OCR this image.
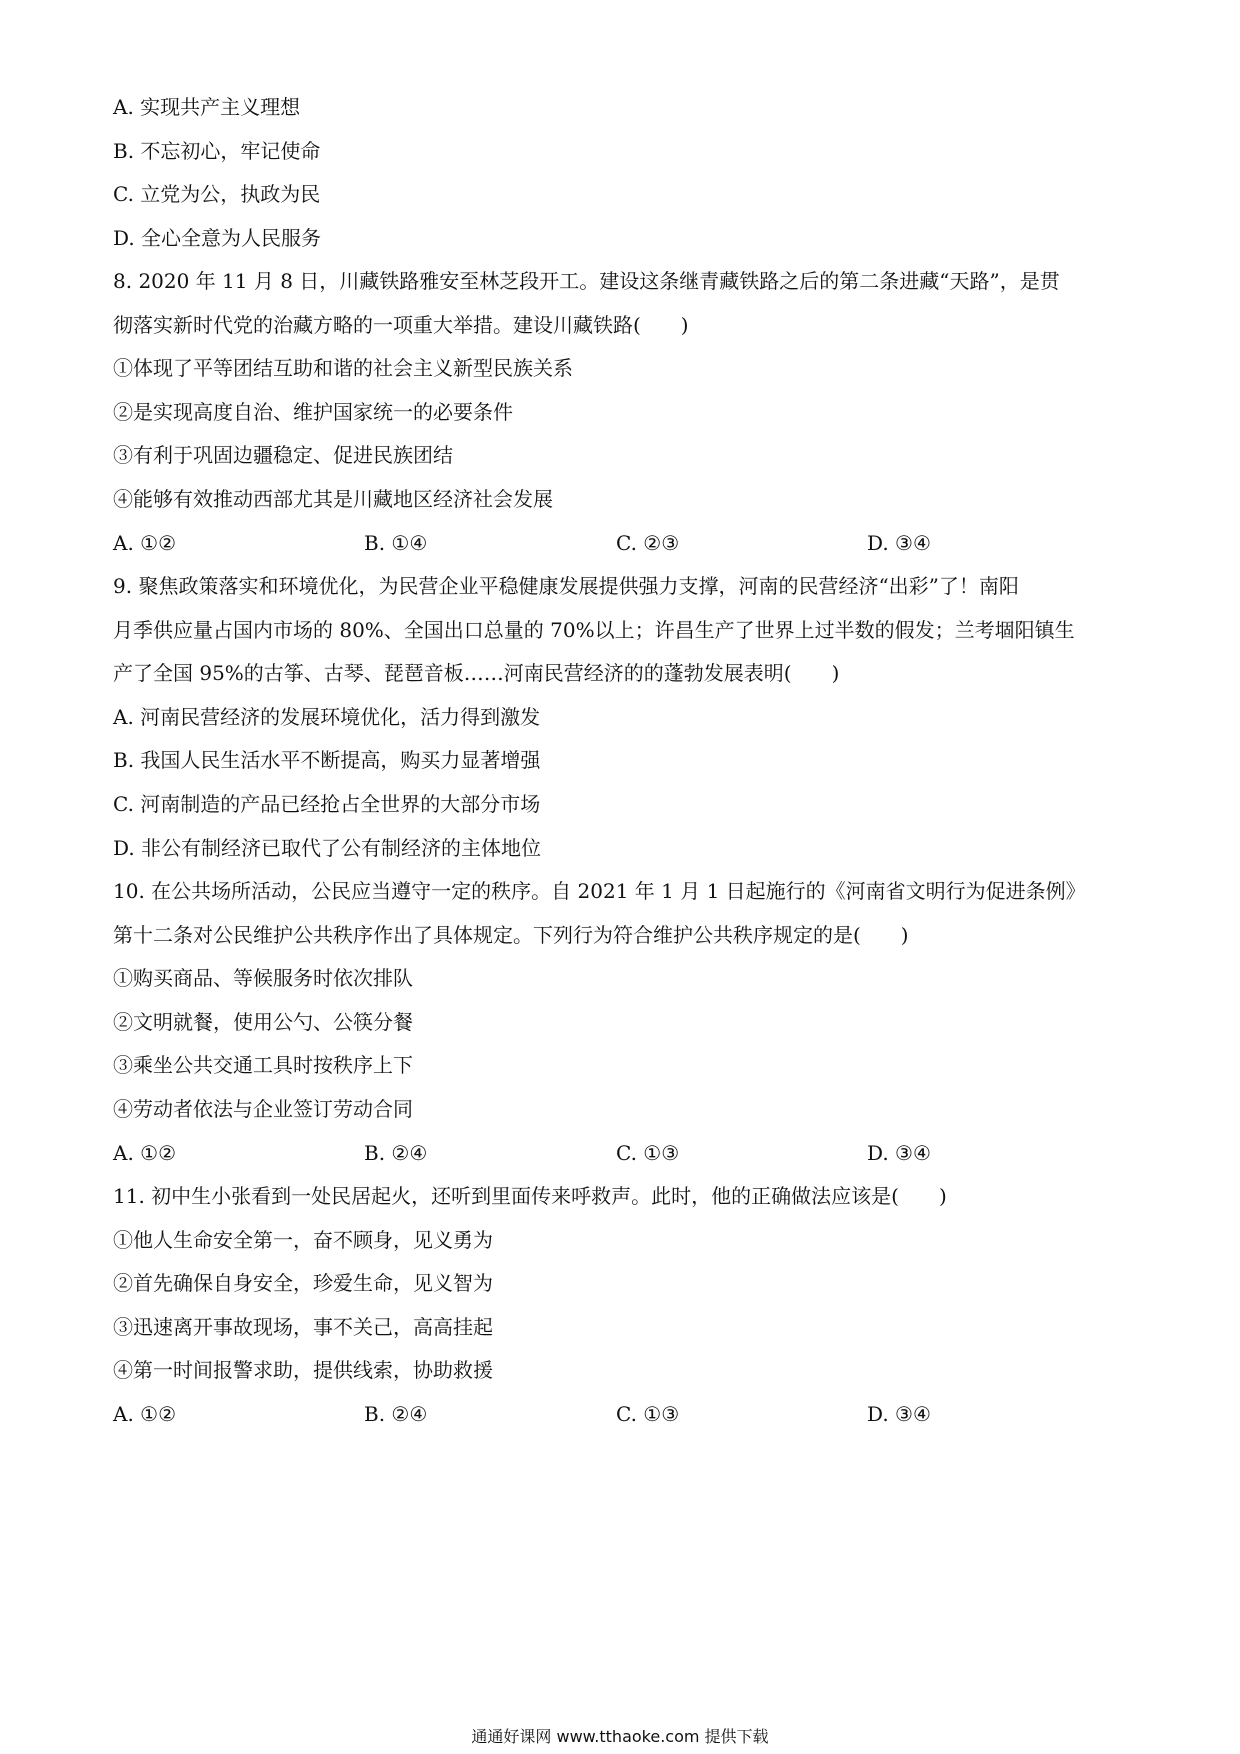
A. 实现共产主义理想
B. 不忘初心，牢记使命
C. 立党为公，执政为民
D. 全心全意为人民服务
8. 2020 年 11 月 8 日，川藏铁路雅安至林芝段开工。建设这条继青藏铁路之后的第二条进藏“天路”，是贯
彻落实新时代党的治藏方略的一项重大举措。建设川藏铁路(　　)
①体现了平等团结互助和谐的社会主义新型民族关系
②是实现高度自治、维护国家统一的必要条件
③有利于巩固边疆稳定、促进民族团结
④能够有效推动西部尤其是川藏地区经济社会发展
A. ①②	B. ①④	C. ②③	D. ③④
9. 聚焦政策落实和环境优化，为民营企业平稳健康发展提供强力支撑，河南的民营经济“出彩”了！南阳
月季供应量占国内市场的 80%、全国出口总量的 70%以上；许昌生产了世界上过半数的假发；兰考堌阳镇生
产了全国 95%的古筝、古琴、琵琶音板……河南民营经济的的蓬勃发展表明(　　)
A. 河南民营经济的发展环境优化，活力得到激发
B. 我国人民生活水平不断提高，购买力显著增强
C. 河南制造的产品已经抢占全世界的大部分市场
D. 非公有制经济已取代了公有制经济的主体地位
10. 在公共场所活动，公民应当遵守一定的秩序。自 2021 年 1 月 1 日起施行的《河南省文明行为促进条例》
第十二条对公民维护公共秩序作出了具体规定。下列行为符合维护公共秩序规定的是(　　)
①购买商品、等候服务时依次排队
②文明就餐，使用公勺、公筷分餐
③乘坐公共交通工具时按秩序上下
④劳动者依法与企业签订劳动合同
A. ①②	B. ②④	C. ①③	D. ③④
11. 初中生小张看到一处民居起火，还听到里面传来呼救声。此时，他的正确做法应该是(　　)
①他人生命安全第一，奋不顾身，见义勇为
②首先确保自身安全，珍爱生命，见义智为
③迅速离开事故现场，事不关己，高高挂起
④第一时间报警求助，提供线索，协助救援
A. ①②	B. ②④	C. ①③	D. ③④
通通好课网 www.tthaoke.com 提供下载
